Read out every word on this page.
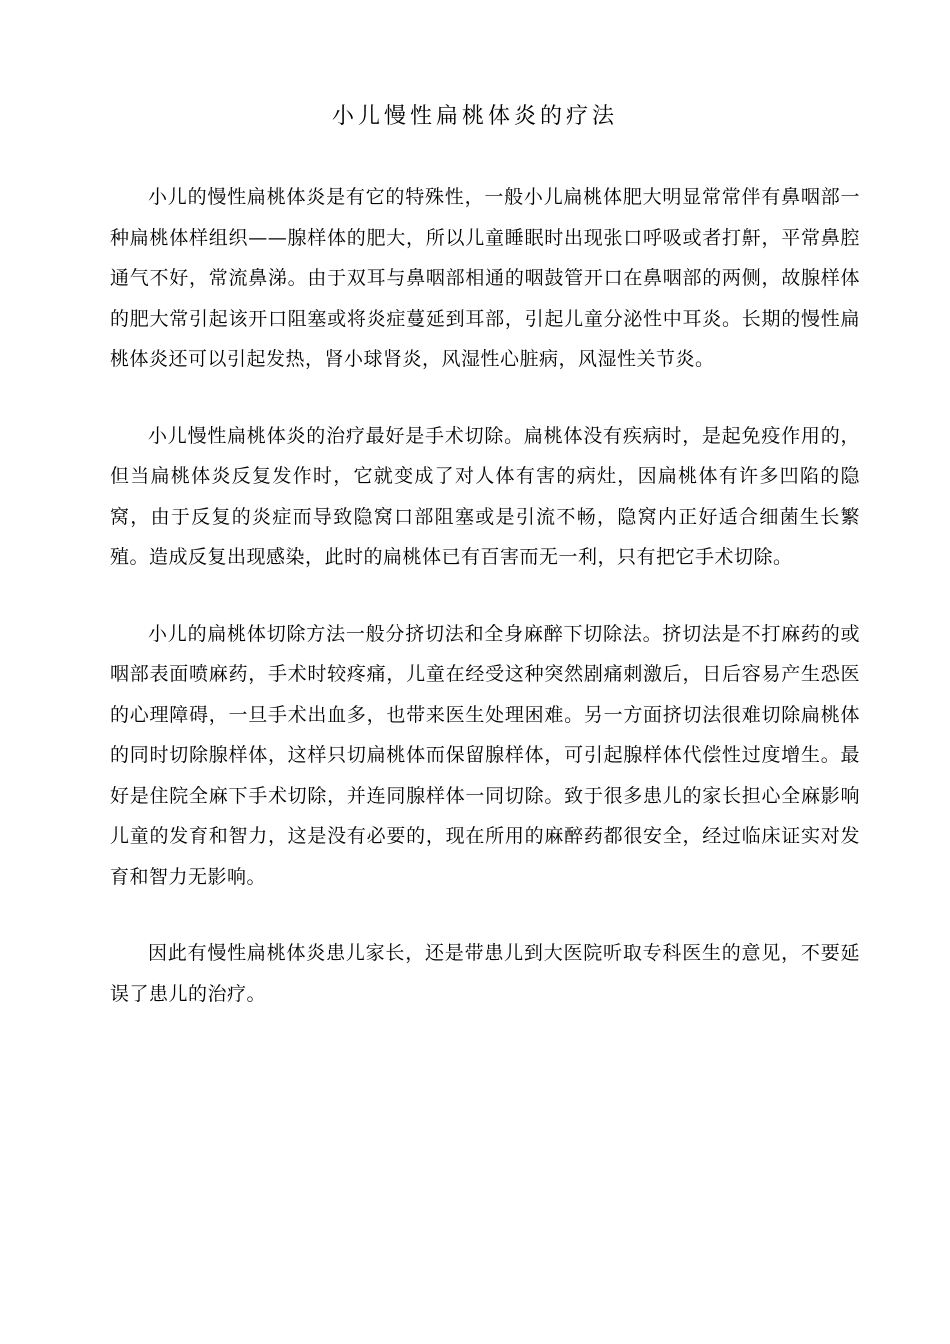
小儿慢性扁桃体炎的疗法

小儿的慢性扁桃体炎是有它的特殊性，一般小儿扁桃体肥大明显常常伴有鼻咽部一种扁桃体样组织——腺样体的肥大，所以儿童睡眠时出现张口呼吸或者打鼾，平常鼻腔通气不好，常流鼻涕。由于双耳与鼻咽部相通的咽鼓管开口在鼻咽部的两侧，故腺样体的肥大常引起该开口阻塞或将炎症蔓延到耳部，引起儿童分泌性中耳炎。长期的慢性扁桃体炎还可以引起发热，肾小球肾炎，风湿性心脏病，风湿性关节炎。

小儿慢性扁桃体炎的治疗最好是手术切除。扁桃体没有疾病时，是起免疫作用的，但当扁桃体炎反复发作时，它就变成了对人体有害的病灶，因扁桃体有许多凹陷的隐窝，由于反复的炎症而导致隐窝口部阻塞或是引流不畅，隐窝内正好适合细菌生长繁殖。造成反复出现感染，此时的扁桃体已有百害而无一利，只有把它手术切除。

小儿的扁桃体切除方法一般分挤切法和全身麻醉下切除法。挤切法是不打麻药的或咽部表面喷麻药，手术时较疼痛，儿童在经受这种突然剧痛刺激后，日后容易产生恐医的心理障碍，一旦手术出血多，也带来医生处理困难。另一方面挤切法很难切除扁桃体的同时切除腺样体，这样只切扁桃体而保留腺样体，可引起腺样体代偿性过度增生。最好是住院全麻下手术切除，并连同腺样体一同切除。致于很多患儿的家长担心全麻影响儿童的发育和智力，这是没有必要的，现在所用的麻醉药都很安全，经过临床证实对发育和智力无影响。

因此有慢性扁桃体炎患儿家长，还是带患儿到大医院听取专科医生的意见，不要延误了患儿的治疗。
